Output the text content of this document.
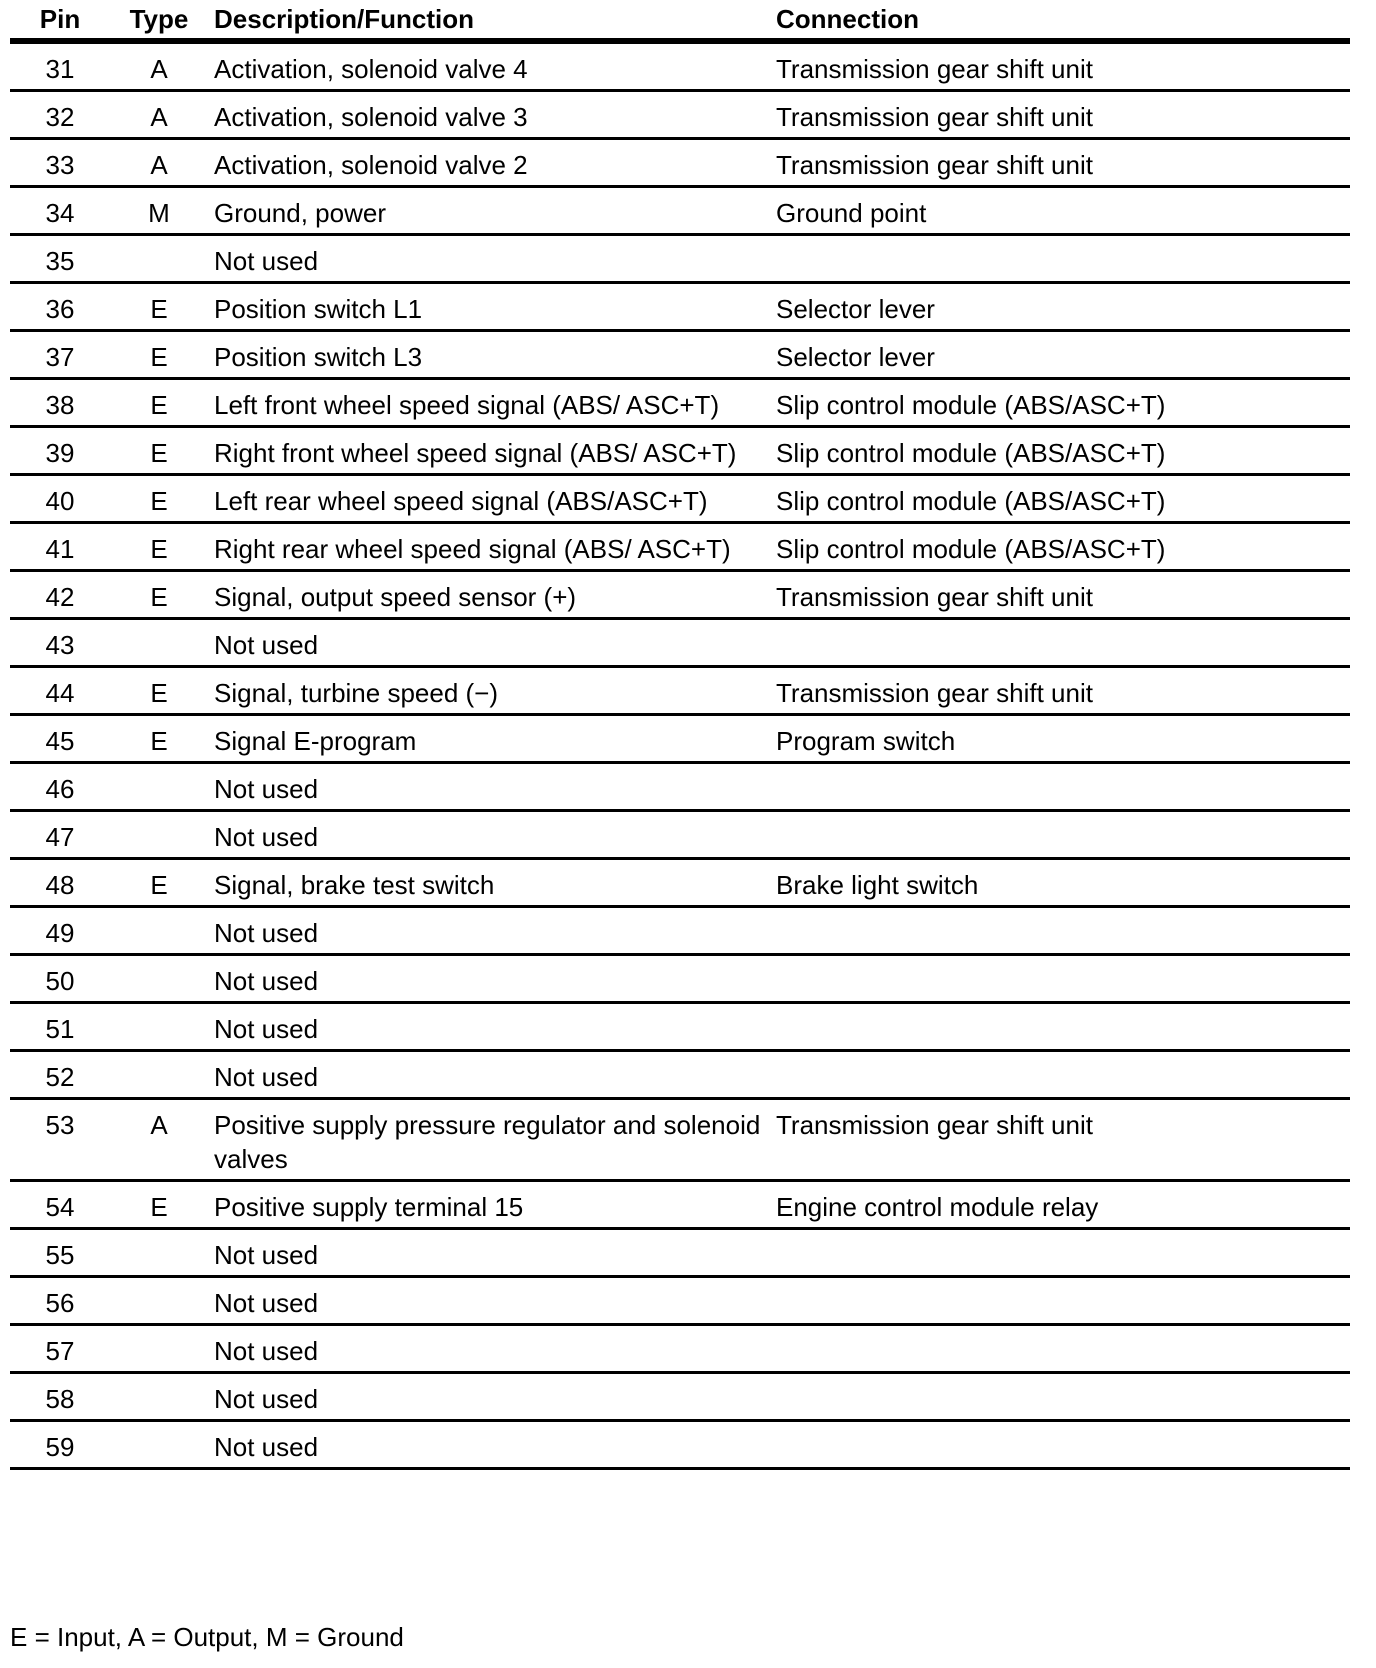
Pin	Type	Description/Function	Connection
31	A	Activation, solenoid valve 4	Transmission gear shift unit
32	A	Activation, solenoid valve 3	Transmission gear shift unit
33	A	Activation, solenoid valve 2	Transmission gear shift unit
34	M	Ground, power	Ground point
35		Not used	
36	E	Position switch L1	Selector lever
37	E	Position switch L3	Selector lever
38	E	Left front wheel speed signal (ABS/ ASC+T)	Slip control module (ABS/ASC+T)
39	E	Right front wheel speed signal (ABS/ ASC+T)	Slip control module (ABS/ASC+T)
40	E	Left rear wheel speed signal (ABS/ASC+T)	Slip control module (ABS/ASC+T)
41	E	Right rear wheel speed signal (ABS/ ASC+T)	Slip control module (ABS/ASC+T)
42	E	Signal, output speed sensor (+)	Transmission gear shift unit
43		Not used	
44	E	Signal, turbine speed (−)	Transmission gear shift unit
45	E	Signal E-program	Program switch
46		Not used	
47		Not used	
48	E	Signal, brake test switch	Brake light switch
49		Not used	
50		Not used	
51		Not used	
52		Not used	
53	A	Positive supply pressure regulator and solenoid valves	Transmission gear shift unit
54	E	Positive supply terminal 15	Engine control module relay
55		Not used	
56		Not used	
57		Not used	
58		Not used	
59		Not used	
E = Input, A = Output, M = Ground
